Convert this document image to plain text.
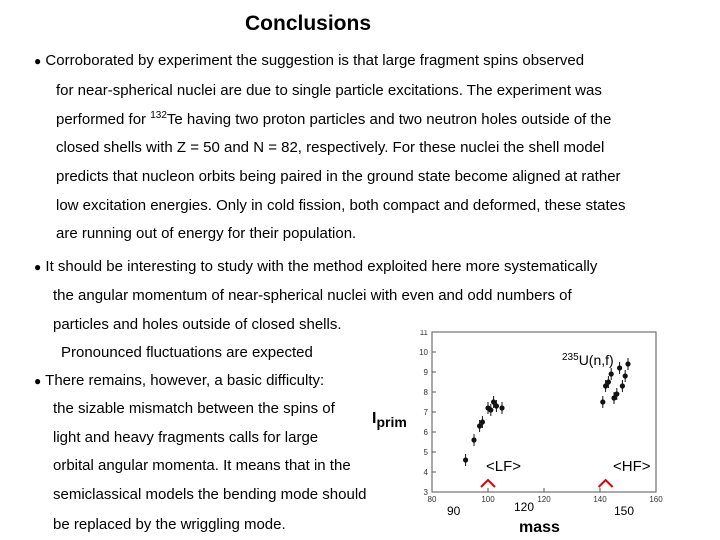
Conclusions
● Corroborated by experiment the suggestion is that large fragment spins observed
for near-spherical nuclei are due to single particle excitations. The experiment was
performed for $^{132}$Te having two proton particles and two neutron holes outside of the
closed shells with Z = 50 and N = 82, respectively. For these nuclei the shell model
predicts that nucleon orbits being paired in the ground state become aligned at rather
low excitation energies. Only in cold fission, both compact and deformed, these states
are running out of energy for their population.
● It should be interesting to study with the method exploited here more systematically
the angular momentum of near-spherical nuclei with even and odd numbers of
particles and holes outside of closed shells.
Pronounced fluctuations are expected
● There remains, however, a basic difficulty:
the sizable mismatch between the spins of
light and heavy fragments calls for large
orbital angular momenta. It means that in the
semiclassical models the bending mode should
be replaced by the wriggling mode.
$I_{prim}$
90	120	150
mass
3
4
5
6
7
8
9
10
11
80	100	120	140	160
$^{235}$U(n,f)
<LF>	<HF>
